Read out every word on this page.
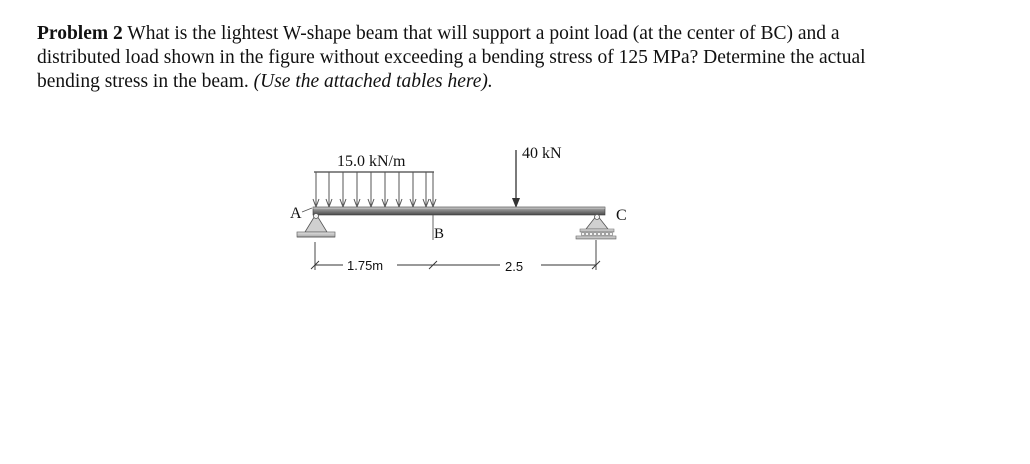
Problem 2 What is the lightest W-shape beam that will support a point load (at the center of BC) and a distributed load shown in the figure without exceeding a bending stress of 125 MPa? Determine the actual bending stress in the beam. (Use the attached tables here).
15.0 kN/m	40 kN
B
A	C
1.75m	2.5
